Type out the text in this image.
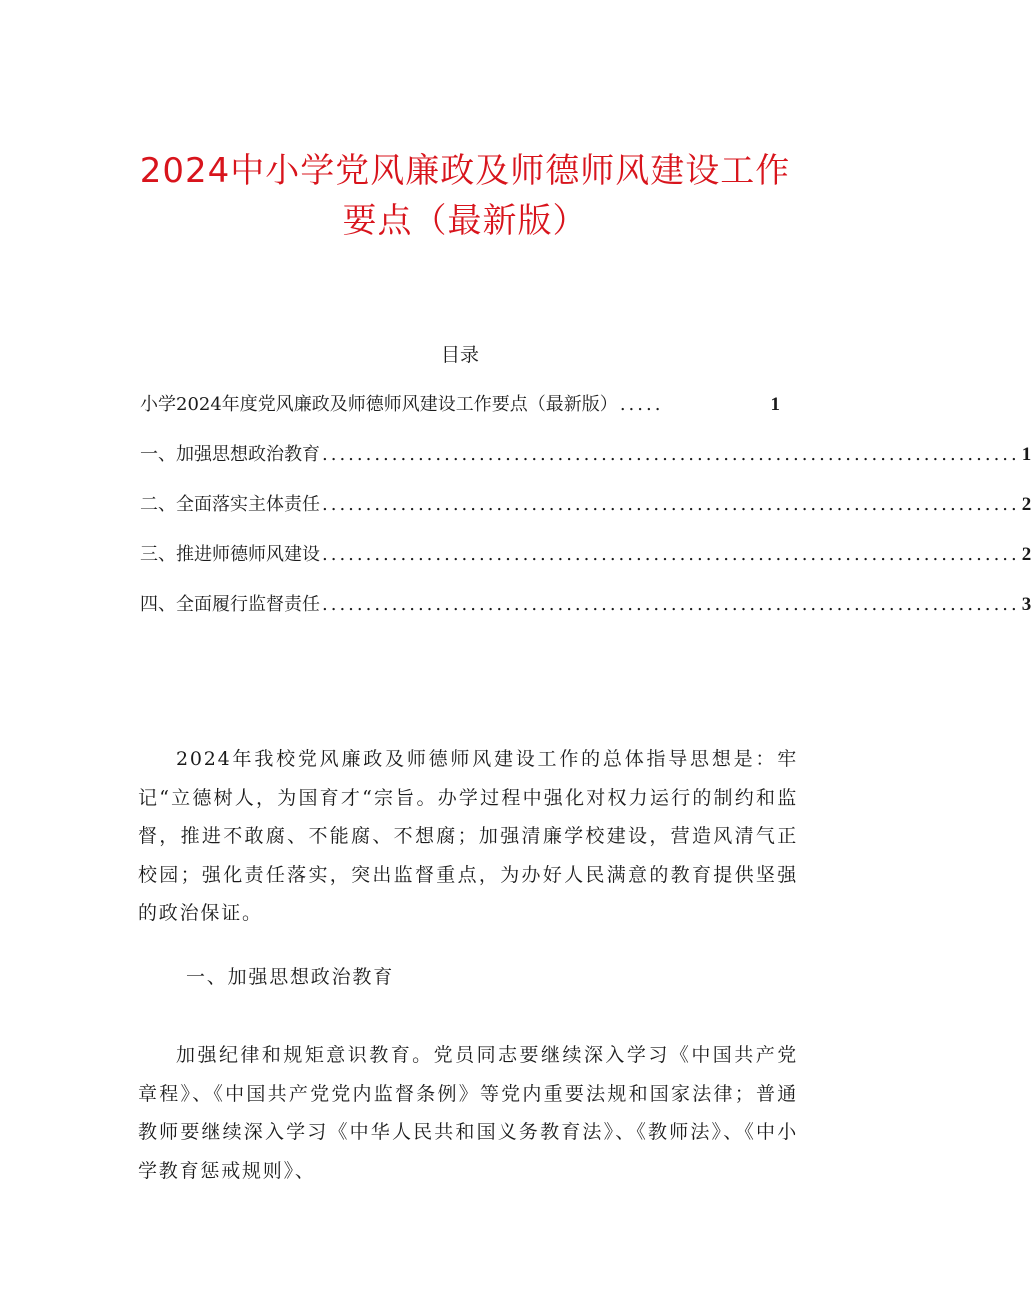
2024中小学党风廉政及师德师风建设工作
要点（最新版）
目录
小学2024年度党风廉政及师德师风建设工作要点（最新版） .....	1
一、加强思想政治教育 ................................................................................ 1
二、全面落实主体责任 ................................................................................ 2
三、推进师德师风建设 ................................................................................ 2
四、全面履行监督责任 ................................................................................ 3

2024年我校党风廉政及师德师风建设工作的总体指导思想是：牢记“立德树人，为国育才“宗旨。办学过程中强化对权力运行的制约和监督，推进不敢腐、不能腐、不想腐；加强清廉学校建设，营造风清气正校园；强化责任落实，突出监督重点，为办好人民满意的教育提供坚强的政治保证。

一、加强思想政治教育

加强纪律和规矩意识教育。党员同志要继续深入学习《中国共产党章程》、《中国共产党党内监督条例》等党内重要法规和国家法律；普通教师要继续深入学习《中华人民共和国义务教育法》、《教师法》、《中小学教育惩戒规则》、
